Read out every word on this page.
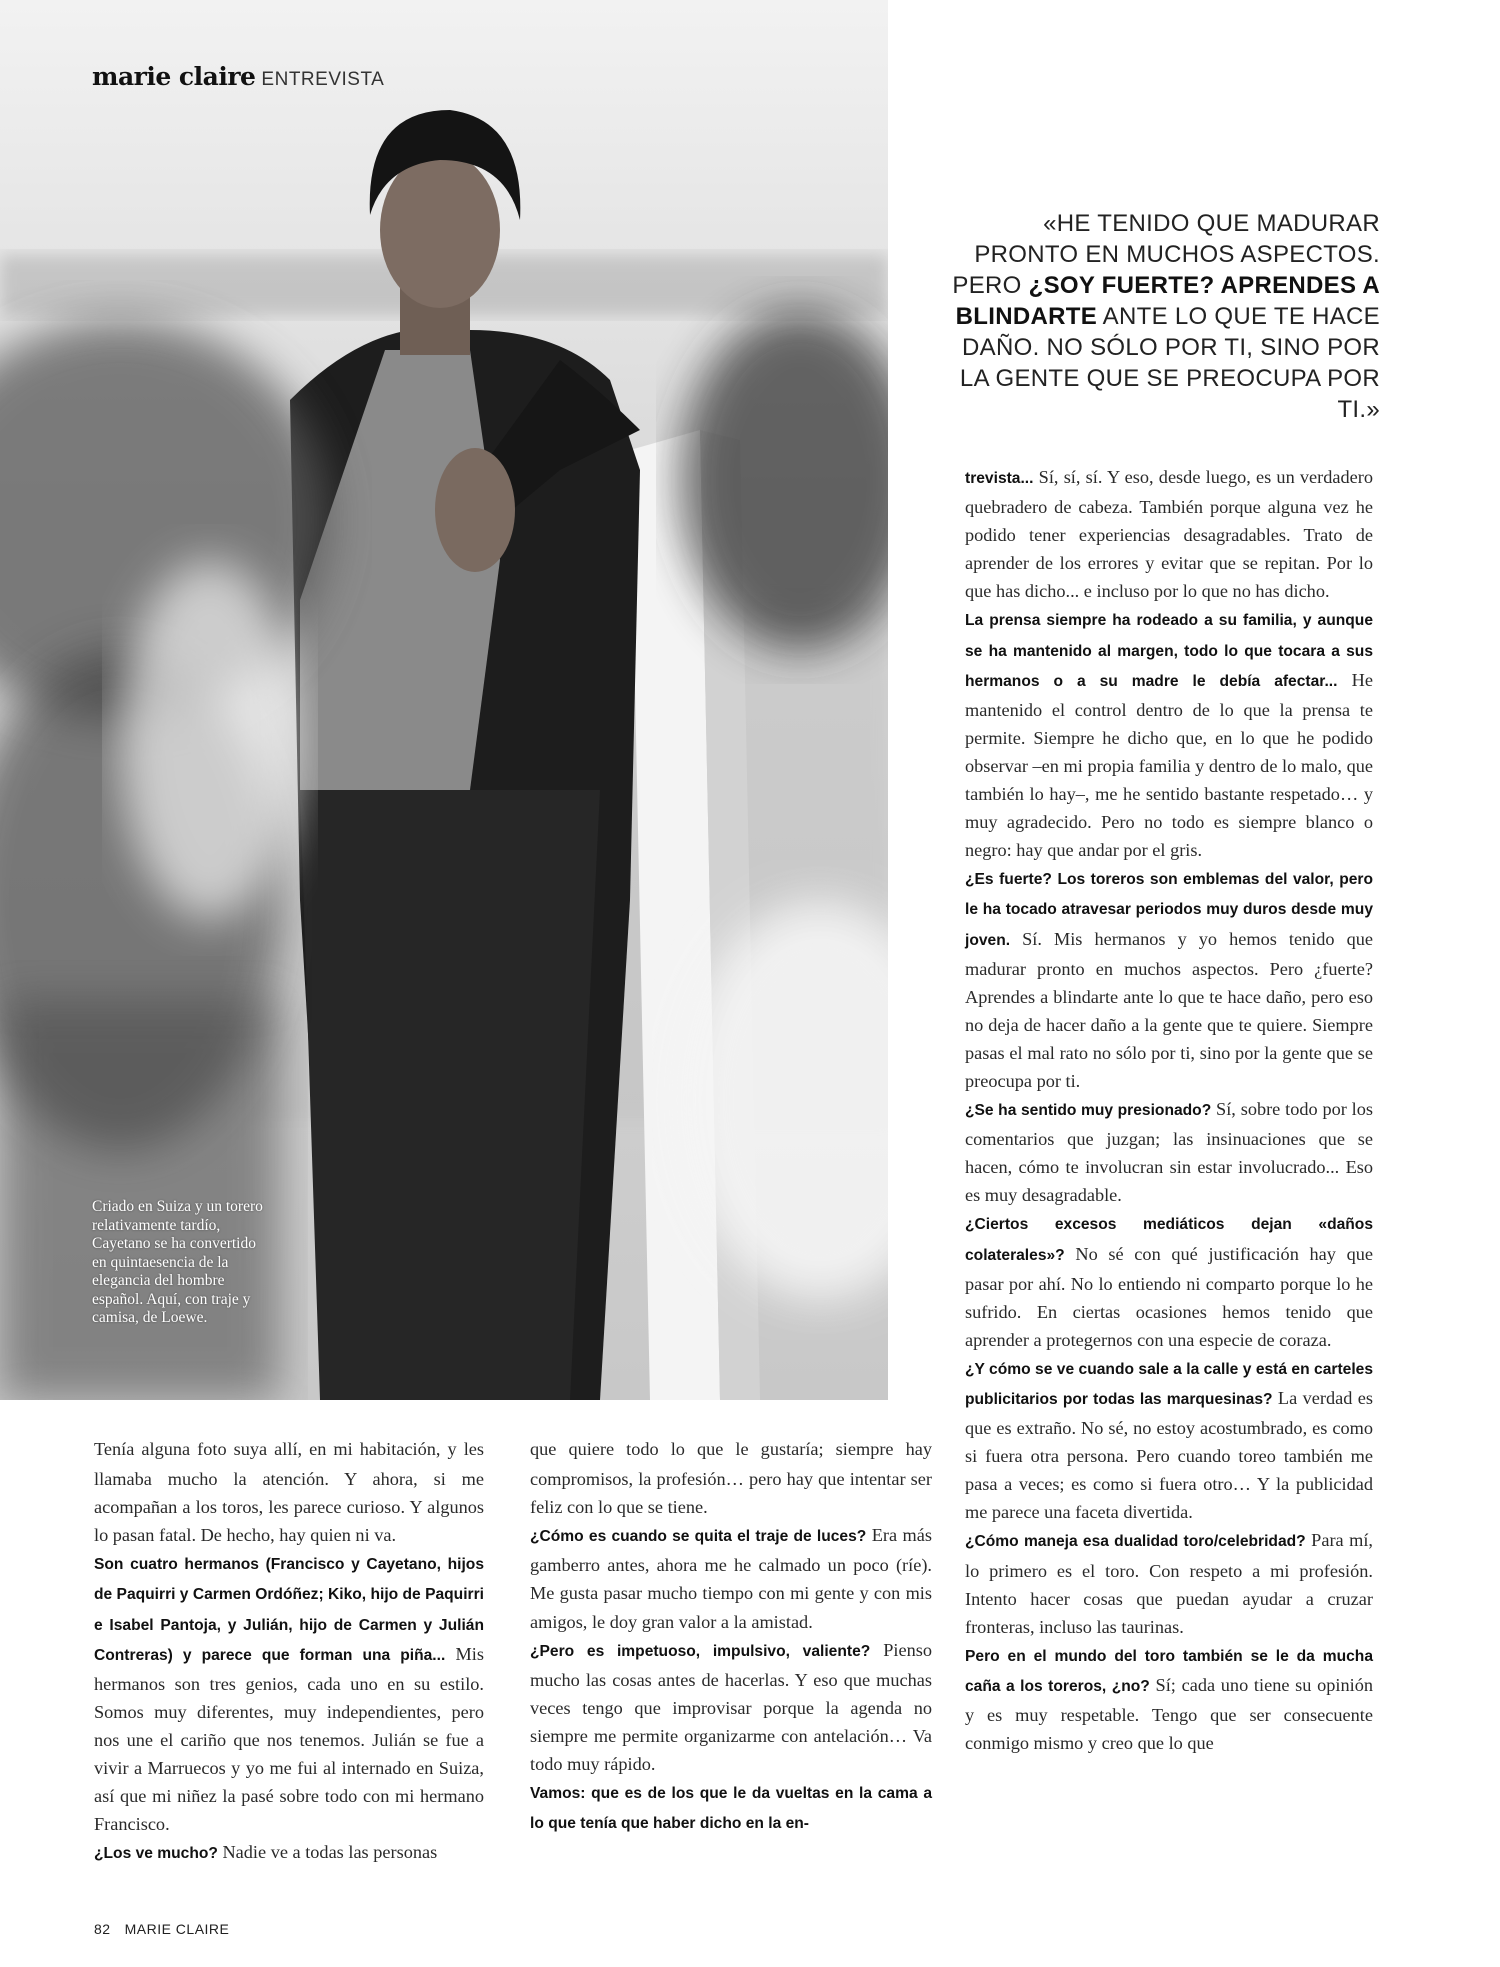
marie claire ENTREVISTA
Criado en Suiza y un torero relativamente tardío, Cayetano se ha convertido en quintaesencia de la elegancia del hombre español. Aquí, con traje y camisa, de Loewe.
«HE TENIDO QUE MADURAR PRONTO EN MUCHOS ASPECTOS. PERO ¿SOY FUERTE? APRENDES A BLINDARTE ANTE LO QUE TE HACE DAÑO. NO SÓLO POR TI, SINO POR LA GENTE QUE SE PREOCUPA POR TI.»

trevista... Sí, sí, sí. Y eso, desde luego, es un verdadero quebradero de cabeza. También porque alguna vez he podido tener experiencias desagradables. Trato de aprender de los errores y evitar que se repitan. Por lo que has dicho... e incluso por lo que no has dicho.

La prensa siempre ha rodeado a su familia, y aunque se ha mantenido al margen, todo lo que tocara a sus hermanos o a su madre le debía afectar... He mantenido el control dentro de lo que la prensa te permite. Siempre he dicho que, en lo que he podido observar –en mi propia familia y dentro de lo malo, que también lo hay–, me he sentido bastante respetado… y muy agradecido. Pero no todo es siempre blanco o negro: hay que andar por el gris.

¿Es fuerte? Los toreros son emblemas del valor, pero le ha tocado atravesar periodos muy duros desde muy joven. Sí. Mis hermanos y yo hemos tenido que madurar pronto en muchos aspectos. Pero ¿fuerte? Aprendes a blindarte ante lo que te hace daño, pero eso no deja de hacer daño a la gente que te quiere. Siempre pasas el mal rato no sólo por ti, sino por la gente que se preocupa por ti.

¿Se ha sentido muy presionado? Sí, sobre todo por los comentarios que juzgan; las insinuaciones que se hacen, cómo te involucran sin estar involucrado... Eso es muy desagradable.

¿Ciertos excesos mediáticos dejan «daños colaterales»? No sé con qué justificación hay que pasar por ahí. No lo entiendo ni comparto porque lo he sufrido. En ciertas ocasiones hemos tenido que aprender a protegernos con una especie de coraza.

¿Y cómo se ve cuando sale a la calle y está en carteles publicitarios por todas las marquesinas? La verdad es que es extraño. No sé, no estoy acostumbrado, es como si fuera otra persona. Pero cuando toreo también me pasa a veces; es como si fuera otro… Y la publicidad me parece una faceta divertida.

¿Cómo maneja esa dualidad toro/celebridad? Para mí, lo primero es el toro. Con respeto a mi profesión. Intento hacer cosas que puedan ayudar a cruzar fronteras, incluso las taurinas.

Pero en el mundo del toro también se le da mucha caña a los toreros, ¿no? Sí; cada uno tiene su opinión y es muy respetable. Tengo que ser consecuente conmigo mismo y creo que lo que

Tenía alguna foto suya allí, en mi habitación, y les llamaba mucho la atención. Y ahora, si me acompañan a los toros, les parece curioso. Y algunos lo pasan fatal. De hecho, hay quien ni va.

Son cuatro hermanos (Francisco y Cayetano, hijos de Paquirri y Carmen Ordóñez; Kiko, hijo de Paquirri e Isabel Pantoja, y Julián, hijo de Carmen y Julián Contreras) y parece que forman una piña... Mis hermanos son tres genios, cada uno en su estilo. Somos muy diferentes, muy independientes, pero nos une el cariño que nos tenemos. Julián se fue a vivir a Marruecos y yo me fui al internado en Suiza, así que mi niñez la pasé sobre todo con mi hermano Francisco.

¿Los ve mucho? Nadie ve a todas las personas

que quiere todo lo que le gustaría; siempre hay compromisos, la profesión… pero hay que intentar ser feliz con lo que se tiene.

¿Cómo es cuando se quita el traje de luces? Era más gamberro antes, ahora me he calmado un poco (ríe). Me gusta pasar mucho tiempo con mi gente y con mis amigos, le doy gran valor a la amistad.

¿Pero es impetuoso, impulsivo, valiente? Pienso mucho las cosas antes de hacerlas. Y eso que muchas veces tengo que improvisar porque la agenda no siempre me permite organizarme con antelación… Va todo muy rápido.

Vamos: que es de los que le da vueltas en la cama a lo que tenía que haber dicho en la en-

82 MARIE CLAIRE
